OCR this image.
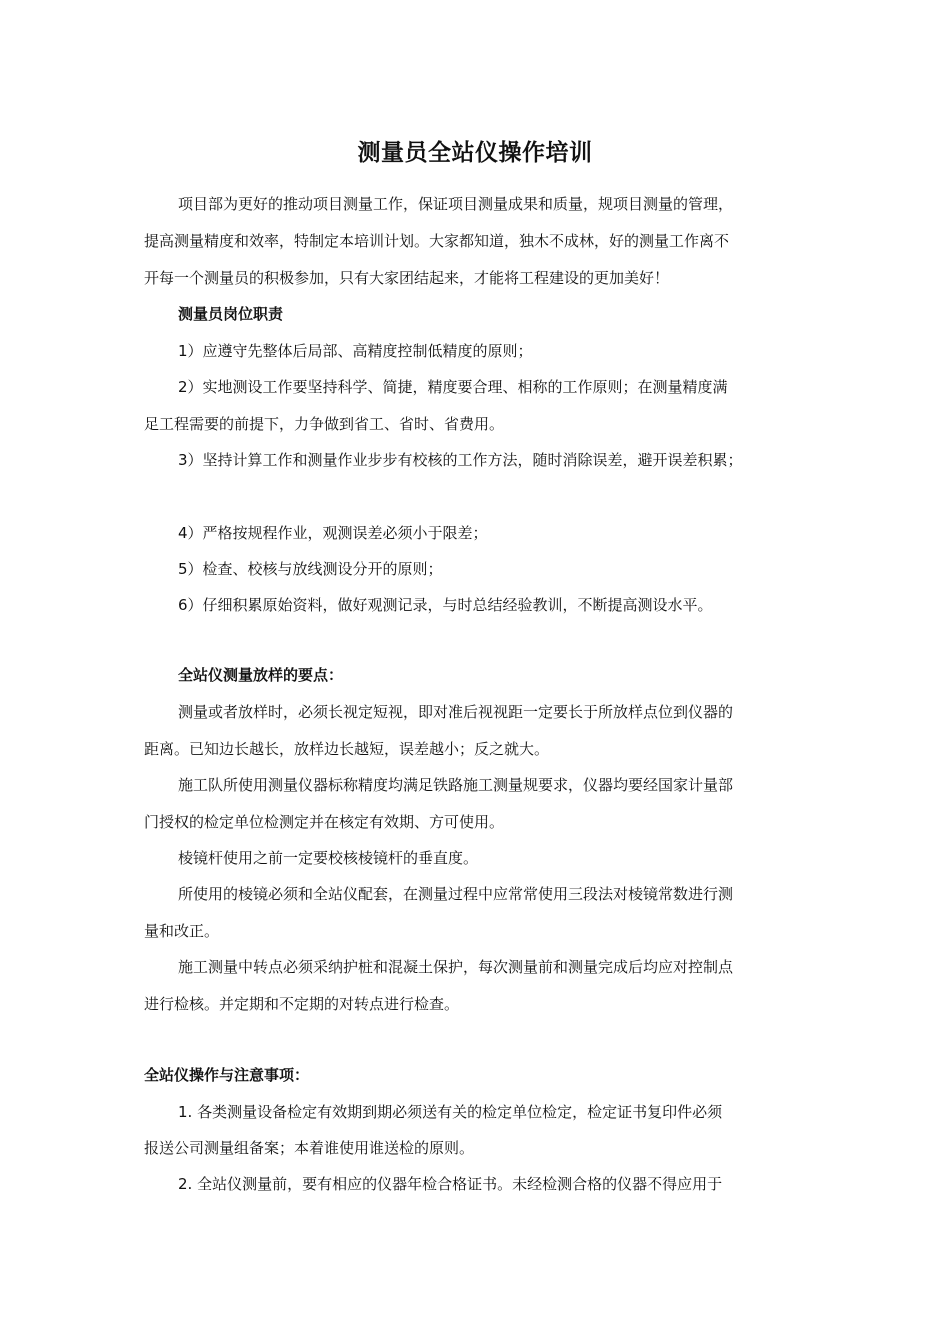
测量员全站仪操作培训
项目部为更好的推动项目测量工作，保证项目测量成果和质量，规项目测量的管理，
提高测量精度和效率，特制定本培训计划。大家都知道，独木不成林，好的测量工作离不
开每一个测量员的积极参加，只有大家团结起来，才能将工程建设的更加美好！
测量员岗位职责
1）应遵守先整体后局部、高精度控制低精度的原则；
2）实地测设工作要坚持科学、简捷，精度要合理、相称的工作原则；在测量精度满
足工程需要的前提下，力争做到省工、省时、省费用。
3）坚持计算工作和测量作业步步有校核的工作方法，随时消除误差，避开误差积累；
4）严格按规程作业，观测误差必须小于限差；
5）检查、校核与放线测设分开的原则；
6）仔细积累原始资料，做好观测记录，与时总结经验教训，不断提高测设水平。
全站仪测量放样的要点：
测量或者放样时，必须长视定短视，即对准后视视距一定要长于所放样点位到仪器的
距离。已知边长越长，放样边长越短，误差越小；反之就大。
施工队所使用测量仪器标称精度均满足铁路施工测量规要求，仪器均要经国家计量部
门授权的检定单位检测定并在核定有效期、方可使用。
棱镜杆使用之前一定要校核棱镜杆的垂直度。
所使用的棱镜必须和全站仪配套，在测量过程中应常常使用三段法对棱镜常数进行测
量和改正。
施工测量中转点必须采纳护桩和混凝土保护，每次测量前和测量完成后均应对控制点
进行检核。并定期和不定期的对转点进行检查。
全站仪操作与注意事项：
1. 各类测量设备检定有效期到期必须送有关的检定单位检定，检定证书复印件必须
报送公司测量组备案；本着谁使用谁送检的原则。
2. 全站仪测量前，要有相应的仪器年检合格证书。未经检测合格的仪器不得应用于
